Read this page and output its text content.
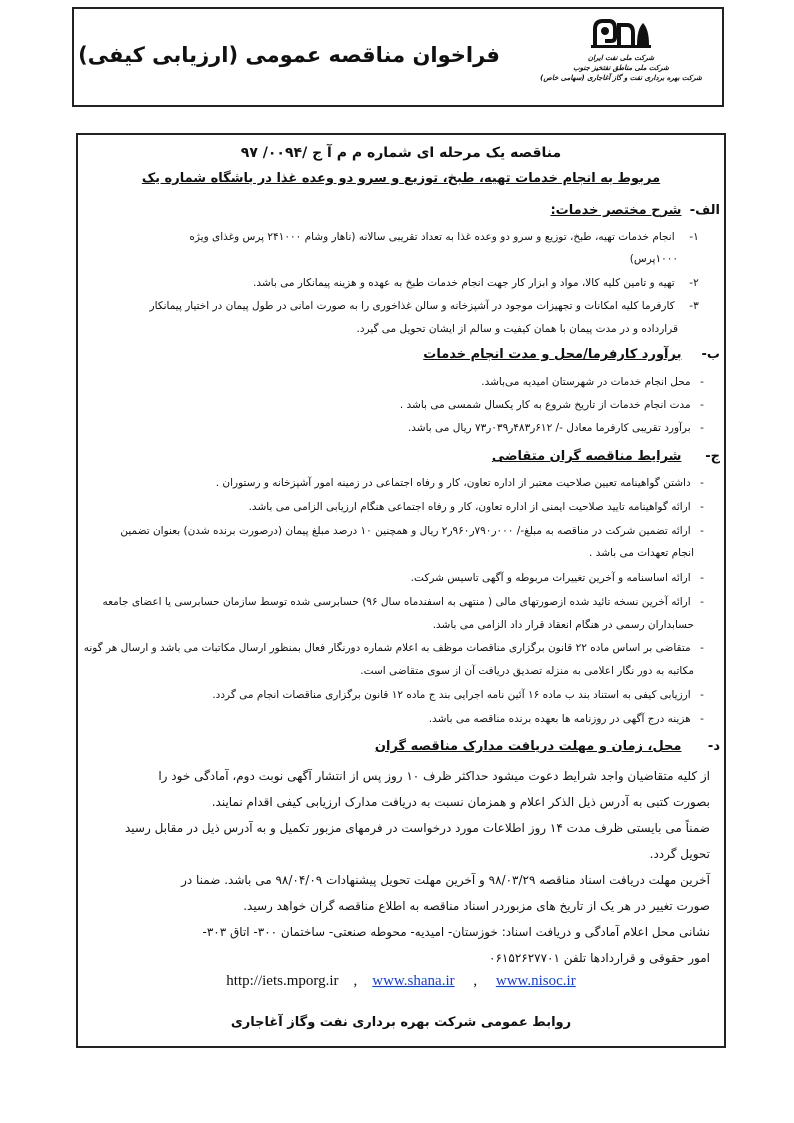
فراخوان مناقصه عمومی (ارزیابی کیفی)	شرکت ملی نفت ایران
شرکت ملی مناطق نفتخیز جنوب
شرکت بهره برداری نفت و گاز آغاجاری (سهامی خاص)
مناقصه یک مرحله ای شماره م م آ ج /۰۰۹۴/ ۹۷
مربوط به انجام خدمات تهیه، طبخ، توزیع و سرو دو وعده غذا در باشگاه شماره یک
الف- شرح مختصر خدمات:
۱- انجام خدمات تهیه، طبخ، توزیع و سرو دو وعده غذا به تعداد تقریبی سالانه (ناهار وشام ۲۴۱۰۰۰ پرس وغذای ویژه
۱۰۰۰پرس)
۲- تهیه و تامین کلیه کالا، مواد و ابزار کار جهت انجام خدمات طبخ به عهده و هزینه پیمانکار می باشد.
۳- کارفرما کلیه امکانات و تجهیزات موجود در آشپزخانه و سالن غذاخوری را به صورت امانی در طول پیمان در اختیار پیمانکار
قرارداده و در مدت پیمان با همان کیفیت و سالم از ایشان تحویل می گیرد.
ب- برآورد کارفرما/محل و مدت انجام خدمات
- محل انجام خدمات در شهرستان امیدیه می‌باشد.
- مدت انجام خدمات از تاریخ شروع به کار یکسال شمسی می باشد .
- برآورد تقریبی کارفرما معادل -/ ۶۱۲ر۴۸۳ر۰۳۹ر۷۳ ریال می باشد.
ج- شرایط مناقصه گران متقاضی
- داشتن گواهینامه تعیین صلاحیت معتبر از اداره تعاون، کار و رفاه اجتماعی در زمینه امور آشپزخانه و رستوران .
- ارائه گواهینامه تایید صلاحیت ایمنی از اداره تعاون، کار و رفاه اجتماعی هنگام ارزیابی الزامی می باشد.
- ارائه تضمین شرکت در مناقصه به مبلغ-/ ۰۰۰ر۷۹۰ر۹۶۰ر۲ ریال و همچنین ۱۰ درصد مبلغ پیمان (درصورت برنده شدن) بعنوان تضمین
انجام تعهدات می باشد .
- ارائه اساسنامه و آخرین تغییرات مربوطه و آگهی تاسیس شرکت.
- ارائه آخرین نسخه تائید شده ازصورتهای مالی ( منتهی به اسفندماه سال ۹۶) حسابرسی شده توسط سازمان حسابرسی یا اعضای جامعه
حسابداران رسمی در هنگام انعقاد قرار داد الزامی می باشد.
- متقاضی بر اساس ماده ۲۲ قانون برگزاری مناقصات موظف به اعلام شماره دورنگار فعال بمنظور ارسال مکاتبات می باشد و ارسال هر گونه
مکاتبه به دور نگار اعلامی به منزله تصدیق دریافت آن از سوی متقاضی است.
- ارزیابی کیفی به استناد بند ب ماده ۱۶ آئین نامه اجرایی بند ج ماده ۱۲ قانون برگزاری مناقصات انجام می گردد.
- هزینه درج آگهی در روزنامه ها بعهده برنده مناقصه می باشد.
د- محل، زمان و مهلت دریافت مدارک مناقصه گران
از کلیه متقاضیان واجد شرایط دعوت میشود حداکثر ظرف ۱۰ روز پس از انتشار آگهی نوبت دوم، آمادگی خود را
بصورت کتبی به آدرس ذیل الذکر اعلام و همزمان نسبت به دریافت مدارک ارزیابی کیفی اقدام نمایند.
ضمناً می بایستی ظرف مدت ۱۴ روز اطلاعات مورد درخواست در فرمهای مزبور تکمیل و به آدرس ذیل در مقابل رسید
تحویل گردد.
آخرین مهلت دریافت اسناد مناقصه ۹۸/۰۳/۲۹ و آخرین مهلت تحویل پیشنهادات ۹۸/۰۴/۰۹ می باشد. ضمنا در
صورت تغییر در هر یک از تاریخ های مزبوردر اسناد مناقصه به اطلاع مناقصه گران خواهد رسید.
نشانی محل اعلام آمادگی و دریافت اسناد: خوزستان- امیدیه- محوطه صنعتی- ساختمان ۳۰۰- اتاق ۳۰۳-
امور حقوقی و قراردادها تلفن ۰۶۱۵۲۶۲۷۷۰۱
http://iets.mporg.ir , www.shana.ir , www.nisoc.ir
روابط عمومی شرکت بهره برداری نفت وگاز آغاجاری
